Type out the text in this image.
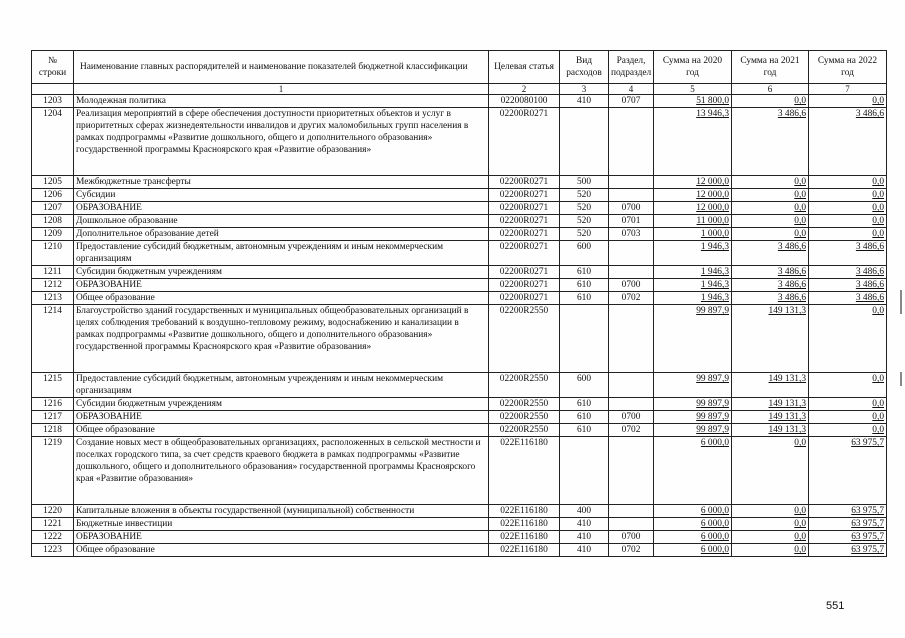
№ строки	Наименование главных распорядителей и наименование показателей бюджетной классификации	Целевая статья	Вид расходов	Раздел, подраздел	Сумма на 2020 год	Сумма на 2021 год	Сумма на 2022 год
	1	2	3	4	5	6	7
1203	Молодежная политика	0220080100	410	0707	51 800,0	0,0	0,0
1204	Реализация мероприятий в сфере обеспечения доступности приоритетных объектов и услуг в приоритетных сферах жизнедеятельности инвалидов и других маломобильных групп населения в рамках подпрограммы «Развитие дошкольного, общего и дополнительного образования» государственной программы Красноярского края «Развитие образования»	02200R0271			13 946,3	3 486,6	3 486,6
1205	Межбюджетные трансферты	02200R0271	500		12 000,0	0,0	0,0
1206	Субсидии	02200R0271	520		12 000,0	0,0	0,0
1207	ОБРАЗОВАНИЕ	02200R0271	520	0700	12 000,0	0,0	0,0
1208	Дошкольное образование	02200R0271	520	0701	11 000,0	0,0	0,0
1209	Дополнительное образование детей	02200R0271	520	0703	1 000,0	0,0	0,0
1210	Предоставление субсидий бюджетным, автономным учреждениям и иным некоммерческим организациям	02200R0271	600		1 946,3	3 486,6	3 486,6
1211	Субсидии бюджетным учреждениям	02200R0271	610		1 946,3	3 486,6	3 486,6
1212	ОБРАЗОВАНИЕ	02200R0271	610	0700	1 946,3	3 486,6	3 486,6
1213	Общее образование	02200R0271	610	0702	1 946,3	3 486,6	3 486,6
1214	Благоустройство зданий государственных и муниципальных общеобразовательных организаций в целях соблюдения требований к воздушно-тепловому режиму, водоснабжению и канализации в рамках подпрограммы «Развитие дошкольного, общего и дополнительного образования» государственной программы Красноярского края «Развитие образования»	02200R2550			99 897,9	149 131,3	0,0
1215	Предоставление субсидий бюджетным, автономным учреждениям и иным некоммерческим организациям	02200R2550	600		99 897,9	149 131,3	0,0
1216	Субсидии бюджетным учреждениям	02200R2550	610		99 897,9	149 131,3	0,0
1217	ОБРАЗОВАНИЕ	02200R2550	610	0700	99 897,9	149 131,3	0,0
1218	Общее образование	02200R2550	610	0702	99 897,9	149 131,3	0,0
1219	Создание новых мест в общеобразовательных организациях, расположенных в сельской местности и поселках городского типа, за счет средств краевого бюджета в рамках подпрограммы «Развитие дошкольного, общего и дополнительного образования» государственной программы Красноярского края «Развитие образования»	022E116180			6 000,0	0,0	63 975,7
1220	Капитальные вложения в объекты государственной (муниципальной) собственности	022E116180	400		6 000,0	0,0	63 975,7
1221	Бюджетные инвестиции	022E116180	410		6 000,0	0,0	63 975,7
1222	ОБРАЗОВАНИЕ	022E116180	410	0700	6 000,0	0,0	63 975,7
1223	Общее образование	022E116180	410	0702	6 000,0	0,0	63 975,7
551
